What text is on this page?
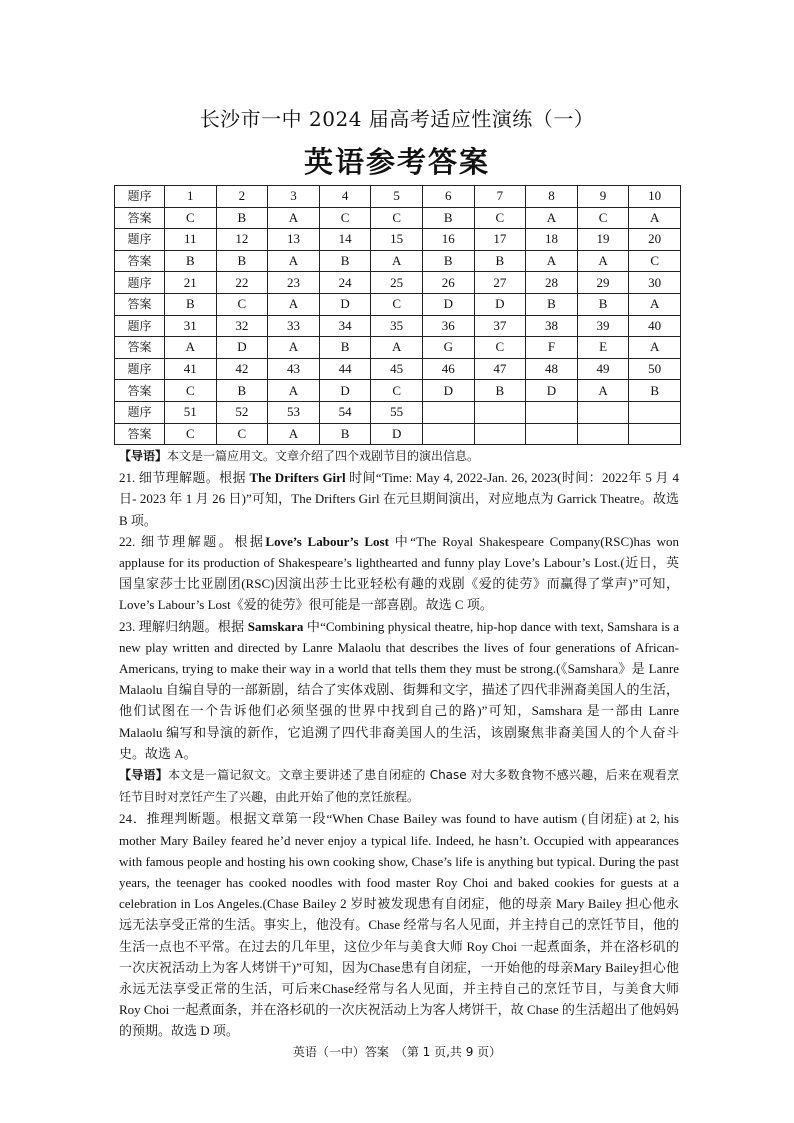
长沙市一中 2024 届高考适应性演练（一）
英语参考答案
题序	1	2	3	4	5	6	7	8	9	10
答案	C	B	A	C	C	B	C	A	C	A
题序	11	12	13	14	15	16	17	18	19	20
答案	B	B	A	B	A	B	B	A	A	C
题序	21	22	23	24	25	26	27	28	29	30
答案	B	C	A	D	C	D	D	B	B	A
题序	31	32	33	34	35	36	37	38	39	40
答案	A	D	A	B	A	G	C	F	E	A
题序	41	42	43	44	45	46	47	48	49	50
答案	C	B	A	D	C	D	B	D	A	B
题序	51	52	53	54	55					
答案	C	C	A	B	D					

【导语】本文是一篇应用文。文章介绍了四个戏剧节目的演出信息。

21. 细节理解题。根据 The Drifters Girl 时间“Time: May 4, 2022-Jan. 26, 2023(时间：2022年 5 月 4 日- 2023 年 1 月 26 日)”可知，The Drifters Girl 在元旦期间演出，对应地点为 Garrick Theatre。故选 B 项。

22. 细节理解题。根据Love’s Labour’s Lost 中“The Royal Shakespeare Company(RSC)has won applause for its production of Shakespeare’s lighthearted and funny play Love’s Labour’s Lost.(近日，英国皇家莎士比亚剧团(RSC)因演出莎士比亚轻松有趣的戏剧《爱的徒劳》而赢得了掌声)”可知， Love’s Labour’s Lost《爱的徒劳》很可能是一部喜剧。故选 C 项。

23. 理解归纳题。根据 Samskara 中“Combining physical theatre, hip-hop dance with text, Samshara is a new play written and directed by Lanre Malaolu that describes the lives of four generations of African-Americans, trying to make their way in a world that tells them they must be strong.(《Samshara》是 Lanre Malaolu 自编自导的一部新剧，结合了实体戏剧、街舞和文字，描述了四代非洲裔美国人的生活，他们试图在一个告诉他们必须坚强的世界中找到自己的路)”可知，Samshara 是一部由 Lanre Malaolu 编写和导演的新作，它追溯了四代非裔美国人的生活，该剧聚焦非裔美国人的个人奋斗史。故选 A。

【导语】本文是一篇记叙文。文章主要讲述了患自闭症的 Chase 对大多数食物不感兴趣，后来在观看烹饪节目时对烹饪产生了兴趣，由此开始了他的烹饪旅程。

24．推理判断题。根据文章第一段“When Chase Bailey was found to have autism (自闭症) at 2, his mother Mary Bailey feared he’d never enjoy a typical life. Indeed, he hasn’t. Occupied with appearances with famous people and hosting his own cooking show, Chase’s life is anything but typical. During the past years, the teenager has cooked noodles with food master Roy Choi and baked cookies for guests at a celebration in Los Angeles.(Chase Bailey 2 岁时被发现患有自闭症，他的母亲 Mary Bailey 担心他永远无法享受正常的生活。事实上，他没有。Chase 经常与名人见面，并主持自己的烹饪节目，他的生活一点也不平常。在过去的几年里，这位少年与美食大师 Roy Choi 一起煮面条，并在洛杉矶的一次庆祝活动上为客人烤饼干)”可知，因为Chase患有自闭症，一开始他的母亲Mary Bailey担心他永远无法享受正常的生活，可后来Chase经常与名人见面，并主持自己的烹饪节目，与美食大师 Roy Choi 一起煮面条，并在洛杉矶的一次庆祝活动上为客人烤饼干，故 Chase 的生活超出了他妈妈的预期。故选 D 项。

英语（一中）答案　（第 1 页,共 9 页）
